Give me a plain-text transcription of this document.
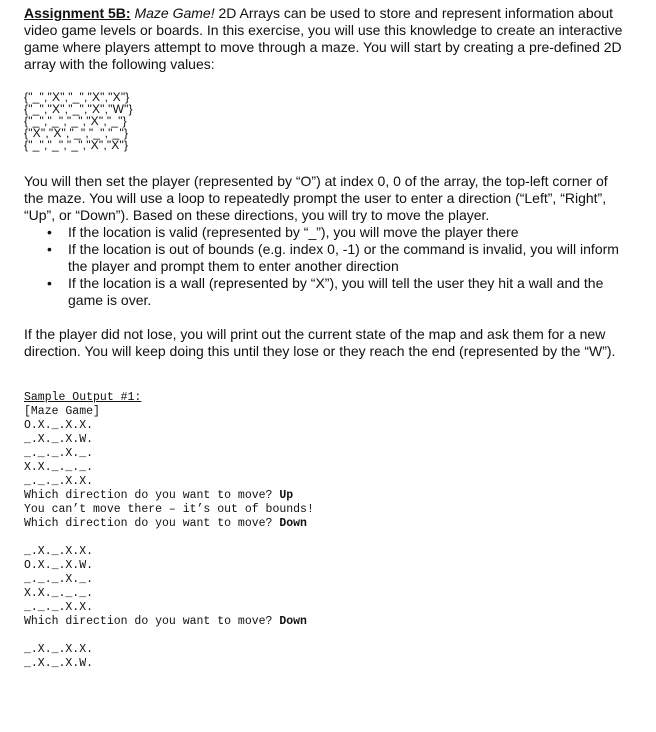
Assignment 5B: Maze Game! 2D Arrays can be used to store and represent information about video game levels or boards. In this exercise, you will use this knowledge to create an interactive game where players attempt to move through a maze. You will start by creating a pre-defined 2D array with the following values:

{"_","X","_","X","X"}
{"_","X","_","X","W"}
{"_","_","_","X","_"}
{"X","X","_","_","_"}
{"_","_","_","X","X"}

You will then set the player (represented by “O”) at index 0, 0 of the array, the top-left corner of the maze. You will use a loop to repeatedly prompt the user to enter a direction (“Left”, “Right”, “Up”, or “Down”). Based on these directions, you will try to move the player.

• If the location is valid (represented by “_”), you will move the player there
• If the location is out of bounds (e.g. index 0, -1) or the command is invalid, you will inform the player and prompt them to enter another direction
• If the location is a wall (represented by “X”), you will tell the user they hit a wall and the game is over.

If the player did not lose, you will print out the current state of the map and ask them for a new direction. You will keep doing this until they lose or they reach the end (represented by the “W”).

Sample Output #1:
[Maze Game]
O.X._.X.X.
_.X._.X.W.
_._._.X._.
X.X._._._.
_._._.X.X.
Which direction do you want to move? Up
You can’t move there – it’s out of bounds!
Which direction do you want to move? Down
_.X._.X.X.
O.X._.X.W.
_._._.X._.
X.X._._._.
_._._.X.X.
Which direction do you want to move? Down
_.X._.X.X.
_.X._.X.W.
